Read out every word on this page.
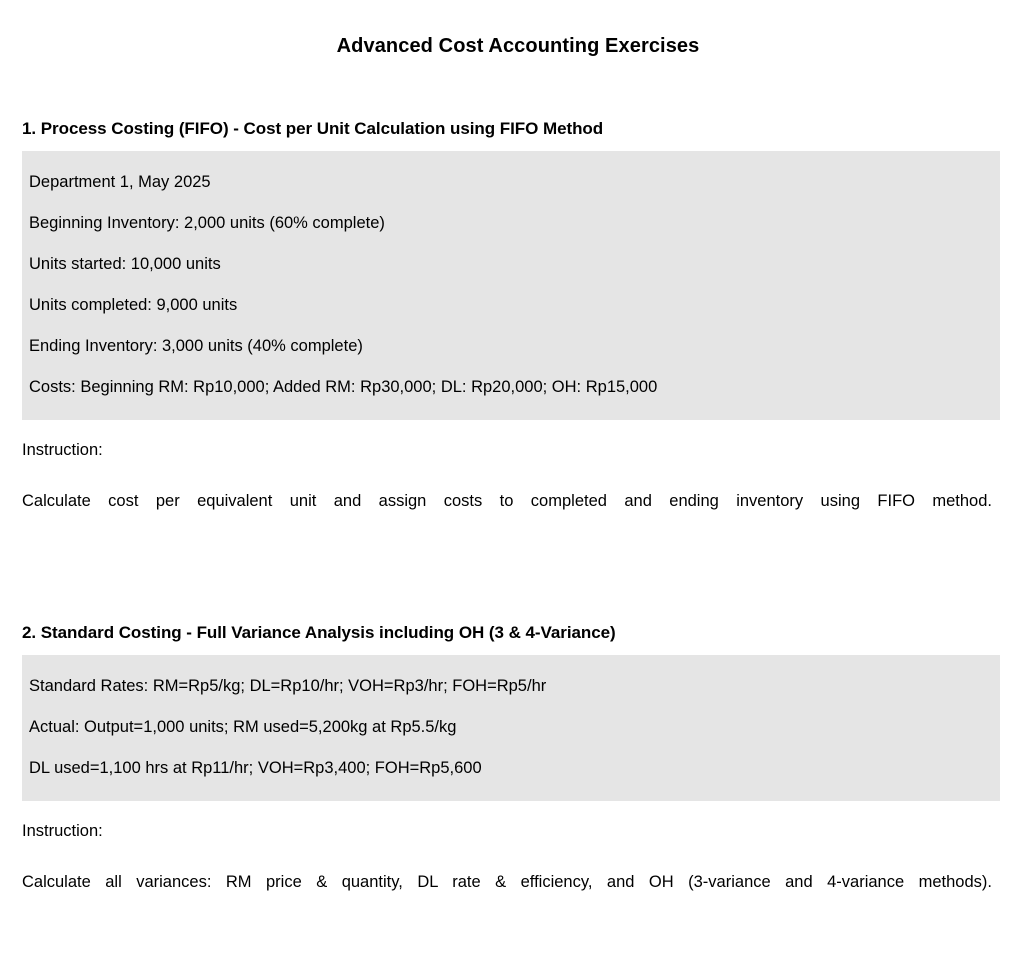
Advanced Cost Accounting Exercises
1. Process Costing (FIFO) - Cost per Unit Calculation using FIFO Method
Department 1, May 2025
Beginning Inventory: 2,000 units (60% complete)
Units started: 10,000 units
Units completed: 9,000 units
Ending Inventory: 3,000 units (40% complete)
Costs: Beginning RM: Rp10,000; Added RM: Rp30,000; DL: Rp20,000; OH: Rp15,000
Instruction:
Calculate cost per equivalent unit and assign costs to completed and ending inventory using FIFO method.
2. Standard Costing - Full Variance Analysis including OH (3 & 4-Variance)
Standard Rates: RM=Rp5/kg; DL=Rp10/hr; VOH=Rp3/hr; FOH=Rp5/hr
Actual: Output=1,000 units; RM used=5,200kg at Rp5.5/kg
DL used=1,100 hrs at Rp11/hr; VOH=Rp3,400; FOH=Rp5,600
Instruction:
Calculate all variances: RM price & quantity, DL rate & efficiency, and OH (3-variance and 4-variance methods).
